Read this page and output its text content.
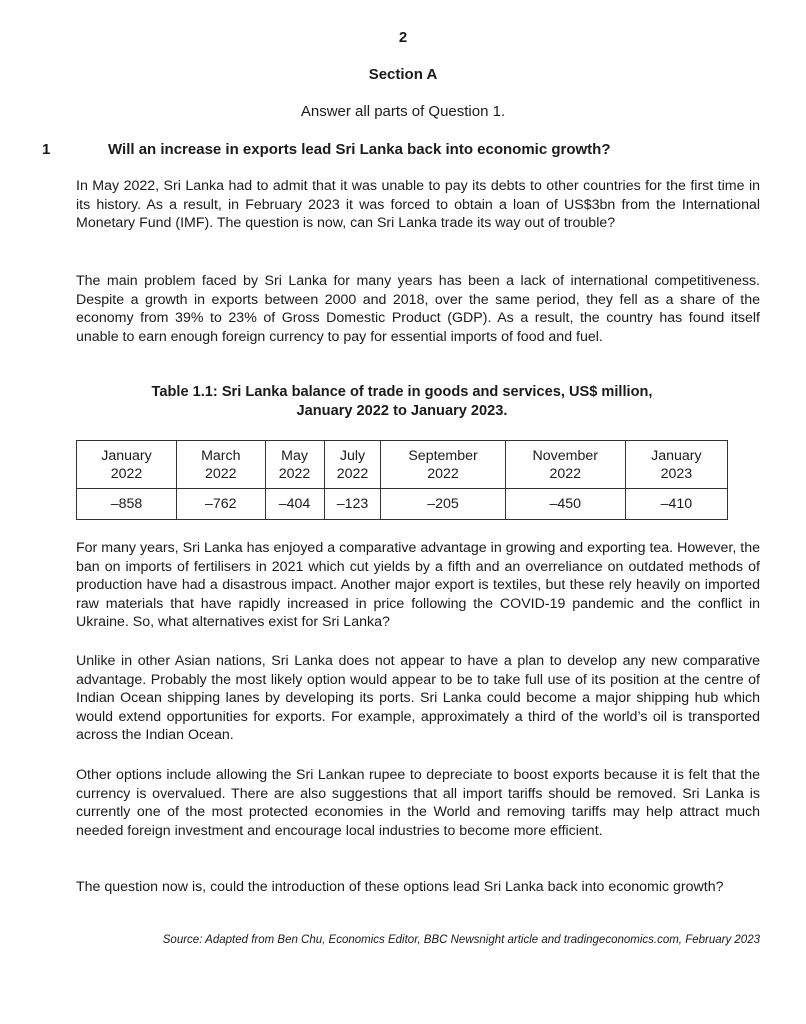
2
Section A
Answer all parts of Question 1.
1	Will an increase in exports lead Sri Lanka back into economic growth?

In May 2022, Sri Lanka had to admit that it was unable to pay its debts to other countries for the first time in its history. As a result, in February 2023 it was forced to obtain a loan of US$3bn from the International Monetary Fund (IMF). The question is now, can Sri Lanka trade its way out of trouble?

The main problem faced by Sri Lanka for many years has been a lack of international competitiveness. Despite a growth in exports between 2000 and 2018, over the same period, they fell as a share of the economy from 39% to 23% of Gross Domestic Product (GDP). As a result, the country has found itself unable to earn enough foreign currency to pay for essential imports of food and fuel.

Table 1.1: Sri Lanka balance of trade in goods and services, US$ million,
January 2022 to January 2023.
January
2022	March
2022	May
2022	July
2022	September
2022	November
2022	January
2023
–858	–762	–404	–123	–205	–450	–410

For many years, Sri Lanka has enjoyed a comparative advantage in growing and exporting tea. However, the ban on imports of fertilisers in 2021 which cut yields by a fifth and an overreliance on outdated methods of production have had a disastrous impact. Another major export is textiles, but these rely heavily on imported raw materials that have rapidly increased in price following the COVID-19 pandemic and the conflict in Ukraine. So, what alternatives exist for Sri Lanka?

Unlike in other Asian nations, Sri Lanka does not appear to have a plan to develop any new comparative advantage. Probably the most likely option would appear to be to take full use of its position at the centre of Indian Ocean shipping lanes by developing its ports. Sri Lanka could become a major shipping hub which would extend opportunities for exports. For example, approximately a third of the world’s oil is transported across the Indian Ocean.

Other options include allowing the Sri Lankan rupee to depreciate to boost exports because it is felt that the currency is overvalued. There are also suggestions that all import tariffs should be removed. Sri Lanka is currently one of the most protected economies in the World and removing tariffs may help attract much needed foreign investment and encourage local industries to become more efficient.

The question now is, could the introduction of these options lead Sri Lanka back into economic growth?

Source: Adapted from Ben Chu, Economics Editor, BBC Newsnight article and tradingeconomics.com, February 2023
